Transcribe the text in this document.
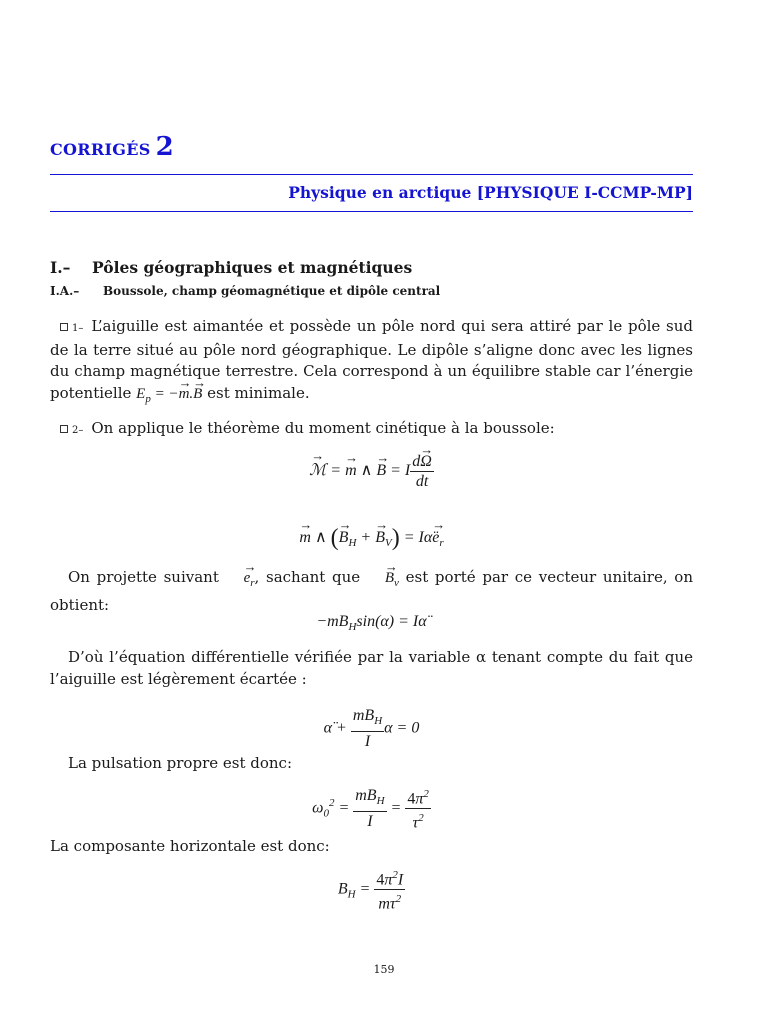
CORRIGÉS 2
Physique en arctique [PHYSIQUE I-CCMP-MP]
I.– Pôles géographiques et magnétiques
I.A.– Boussole, champ géomagnétique et dipôle central
1– L’aiguille est aimantée et possède un pôle nord qui sera attiré par le pôle sud de la terre situé au pôle nord géographique. Le dipôle s’aligne donc avec les lignes du champ magnétique terrestre. Cela correspond à un équilibre stable car l’énergie potentielle $E_p$ = −→ m.→ B est minimale.
2– On applique le théorème du moment cinétique à la boussole:
→ ℳ = → m ∧ → B = I $\frac{d\to \Omega}{dt}$
→ m ∧ (→ $B_H$ + → $B_V$) = Iα̈→ $e_r$
On projette suivant → $e_r$, sachant que → $B_v$ est porté par ce vecteur unitaire, on obtient:
$-mB_H\sin(\alpha)$ = Iα̈
D’où l’équation différentielle vérifiée par la variable α tenant compte du fait que l’aiguille est légèrement écartée :
α̈ + $\frac{mB_H}{I}$ α = 0
La pulsation propre est donc:
$\omega_0^2 = \frac{mB_H}{I} = \frac{4\pi^2}{\tau^2}$
La composante horizontale est donc:
$B_H = \frac{4\pi^2I}{m\tau^2}$
159
